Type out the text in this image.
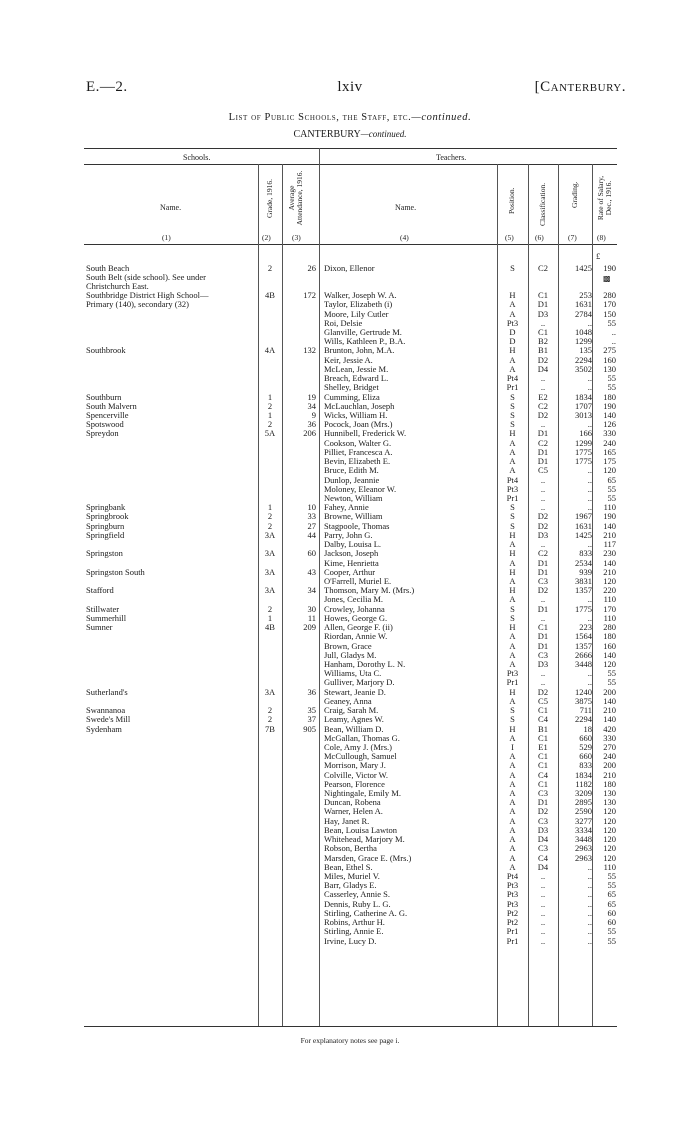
E.—2.	lxiv	[Canterbury.
List of Public Schools, the Staff, etc.—continued.
CANTERBURY—continued.
Schools.	Teachers.
Name.	Grade, 1916. Average Attendance, 1916.	Name.	Position.	Classification.	Grading. Rate of Salary, Dec., 1916.
(1)	(2)	(3)	(4)	(5)	(6)	(7)	(8)
£
▩
South Beach	2	26 Dixon, Ellenor	S	C2	1425	190
South Belt (side school). See under
Christchurch East.
Southbridge District High School—	4B	172 Walker, Joseph W. A.	H	C1	253	280
Primary (140), secondary (32)	Taylor, Elizabeth (i)	A	D1	1631	170
Moore, Lily Cutler	A	D3	2784	150
Roi, Delsie	Pt3	..	..	55
Glanville, Gertrude M.	D	C1	1048	..
Wills, Kathleen P., B.A.	D	B2	1299	..
Southbrook	4A	132 Brunton, John, M.A.	H	B1	135	275
Keir, Jessie A.	A	D2	2294	160
McLean, Jessie M.	A	D4	3502	130
Breach, Edward L.	Pt4	..	..	55
Shelley, Bridget	Pr1	..	..	55
Southburn	1	19 Cumming, Eliza	S	E2	1834	180
South Malvern	2	34 McLauchlan, Joseph	S	C2	1707	190
Spencerville	1	9 Wicks, William H.	S	D2	3013	140
Spotswood	2	36 Pocock, Joan (Mrs.)	S	..	..	126
Spreydon	5A	206 Hunnibell, Frederick W.	H	D1	166	330
Cookson, Walter G.	A	C2	1299	240
Pilliet, Francesca A.	A	D1	1775	165
Bevin, Elizabeth E.	A	D1	1775	175
Bruce, Edith M.	A	C5	..	120
Dunlop, Jeannie	Pt4	..	..	65
Moloney, Eleanor W.	Pt3	..	..	55
Newton, William	Pr1	..	..	55
Springbank	1	10 Fahey, Annie	S	..	..	110
Springbrook	2	33 Browne, William	S	D2	1967	190
Springburn	2	27 Stagpoole, Thomas	S	D2	1631	140
Springfield	3A	44 Parry, John G.	H	D3	1425	210
Dalby, Louisa L.	A	..	..	117
Springston	3A	60 Jackson, Joseph	H	C2	833	230
Kime, Henrietta	A	D1	2534	140
Springston South	3A	43 Cooper, Arthur	H	D1	939	210
O'Farrell, Muriel E.	A	C3	3831	120
Stafford	3A	34 Thomson, Mary M. (Mrs.)	H	D2	1357	220
Jones, Cecilia M.	A	..	..	110
Stillwater	2	30 Crowley, Johanna	S	D1	1775	170
Summerhill	1	11 Howes, George G.	S	..	..	110
Sumner	4B	209 Allen, George F. (ii)	H	C1	223	280
Riordan, Annie W.	A	D1	1564	180
Brown, Grace	A	D1	1357	160
Jull, Gladys M.	A	C3	2666	140
Hanham, Dorothy L. N.	A	D3	3448	120
Williams, Uta C.	Pt3	..	..	55
Gulliver, Marjory D.	Pr1	..	..	55
Sutherland's	3A	36 Stewart, Jeanie D.	H	D2	1240	200
Geaney, Anna	A	C5	3875	140
Swannanoa	2	35 Craig, Sarah M.	S	C1	711	210
Swede's Mill	2	37 Leamy, Agnes W.	S	C4	2294	140
Sydenham	7B	905 Bean, William D.	H	B1	18	420
McGallan, Thomas G.	A	C1	660	330
Cole, Amy J. (Mrs.)	I	E1	529	270
McCullough, Samuel	A	C1	660	240
Morrison, Mary J.	A	C1	833	200
Colville, Victor W.	A	C4	1834	210
Pearson, Florence	A	C1	1182	180
Nightingale, Emily M.	A	C3	3209	130
Duncan, Robena	A	D1	2895	130
Warner, Helen A.	A	D2	2590	120
Hay, Janet R.	A	C3	3277	120
Bean, Louisa Lawton	A	D3	3334	120
Whitehead, Marjory M.	A	D4	3448	120
Robson, Bertha	A	C3	2963	120
Marsden, Grace E. (Mrs.)	A	C4	2963	120
Bean, Ethel S.	A	D4	..	110
Miles, Muriel V.	Pt4	..	..	55
Barr, Gladys E.	Pt3	..	..	55
Casserley, Annie S.	Pt3	..	..	65
Dennis, Ruby L. G.	Pt3	..	..	65
Stirling, Catherine A. G.	Pt2	..	..	60
Robins, Arthur H.	Pt2	..	..	60
Stirling, Annie E.	Pr1	..	..	55
Irvine, Lucy D.	Pr1	..	..	55
For explanatory notes see page i.
